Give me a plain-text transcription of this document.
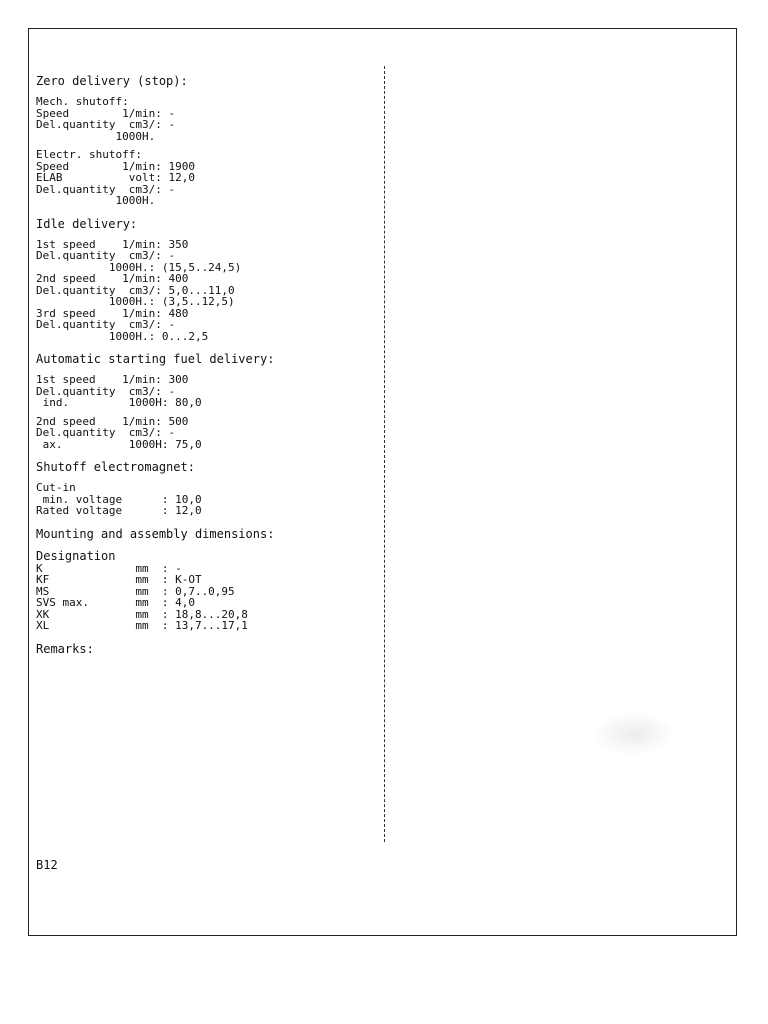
Zero delivery (stop):

Mech. shutoff:

Speed        1/min: -

Del.quantity  cm3/: -

1000H.

Electr. shutoff:

Speed        1/min: 1900

ELAB          volt: 12,0

Del.quantity  cm3/: -

1000H.

Idle delivery:

1st speed    1/min: 350

Del.quantity  cm3/: -

1000H.: (15,5..24,5)

2nd speed    1/min: 400

Del.quantity  cm3/: 5,0...11,0

1000H.: (3,5..12,5)

3rd speed    1/min: 480

Del.quantity  cm3/: -

1000H.: 0...2,5

Automatic starting fuel delivery:

1st speed    1/min: 300

Del.quantity  cm3/: -

ind.         1000H: 80,0

2nd speed    1/min: 500

Del.quantity  cm3/: -

ax.          1000H: 75,0

Shutoff electromagnet:

Cut-in

min. voltage      : 10,0

Rated voltage      : 12,0

Mounting and assembly dimensions:

Designation

K              mm  : -

KF             mm  : K-OT

MS             mm  : 0,7..0,95

SVS max.       mm  : 4,0

XK             mm  : 18,8...20,8

XL             mm  : 13,7...17,1

Remarks:

B12
